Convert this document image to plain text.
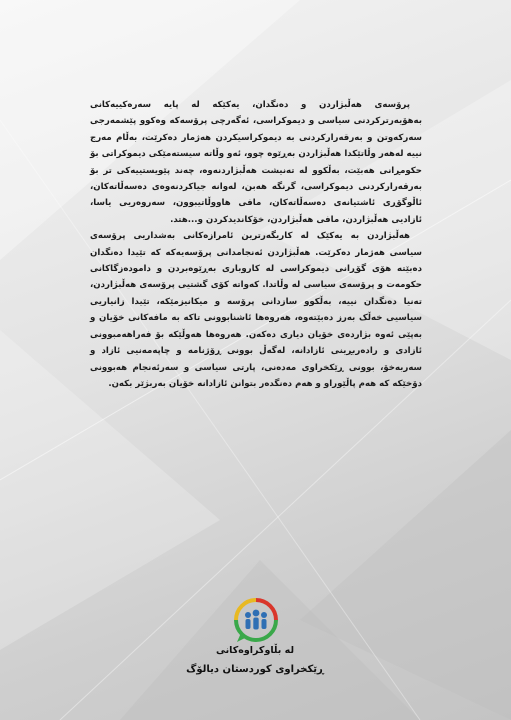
پرۆسەی هەڵبژاردن و دەنگدان، یەکێکە لە پایە سەرەکییەکانی بەهۆیەرترکردنی سیاسی و دیموکراسی، ئەگەرچی پرۆسەکە وەکوو پێشمەرجی سەرکەوتن و بەرقەرارکردنی بە دیموکراسیکردن هەژمار دەکرێت، بەڵام مەرج نییە لەهەر وڵاتێکدا هەڵبژاردن بەڕێوە چوو، ئەو وڵاتە سیستەمێکی دیموکراتی بۆ حکومڕانی هەبێت، بەڵکوو لە تەنیشت هەڵبژاردنەوە، چەند پێویستییەکی تر بۆ بەرقەرارکردنی دیموکراسی، گرنگە هەبن، لەوانە جیاکردنەوەی دەسەڵاتەکان، ئاڵوگۆڕی ئاشتیانەی دەسەڵاتەکان، مافی هاووڵاتیبوون، سەروەریی یاسا، ئازادیی هەڵبژاردن، مافی هەڵبژاردن، خۆکاندیدکردن و...هتد.

هەڵبژاردن بە یەکێک لە کاریگەرترین ئامرازەکانی بەشداریی پرۆسەی سیاسی هەژمار دەکرێت. هەڵبژاردن ئەنجامدانی پرۆسەیەکە کە تێیدا دەنگدان دەبێتە هۆی گۆڕانی دیموکراسی لە کاروباری بەڕێوەبردن و دامودەزگاکانی حکومەت و پرۆسەی سیاسی لە وڵاتدا. کەواتە کۆی گشتیی پرۆسەی هەڵبژاردن، تەنیا دەنگدان نییە، بەڵکوو سازدانی پرۆسە و میکانیزمێکە، تێیدا زانیاریی سیاسیی خەڵک بەرز دەبێتەوە، هەروەها ئاشنابوونی تاکە بە مافەکانی خۆیان و بەپێی ئەوە بژاردەی خۆیان دیاری دەکەن. هەروەها هەوڵێکە بۆ فەراهەمبوونی ئازادی و رادەربڕینی ئازادانە، لەگەڵ بوونی ڕۆژنامە و چاپەمەنیی ئازاد و سەربەخۆ، بوونی ڕێکخراوی مەدەنی، پارتی سیاسی و سەرئەنجام هەبوونی دۆخێکە کە هەم پاڵێوراو و هەم دەنگدەر بتوانن ئازادانە خۆیان بەربژێر بکەن.

لە بڵاوکراوەکانی
ڕێکخراوی کوردستان دیالۆگ
